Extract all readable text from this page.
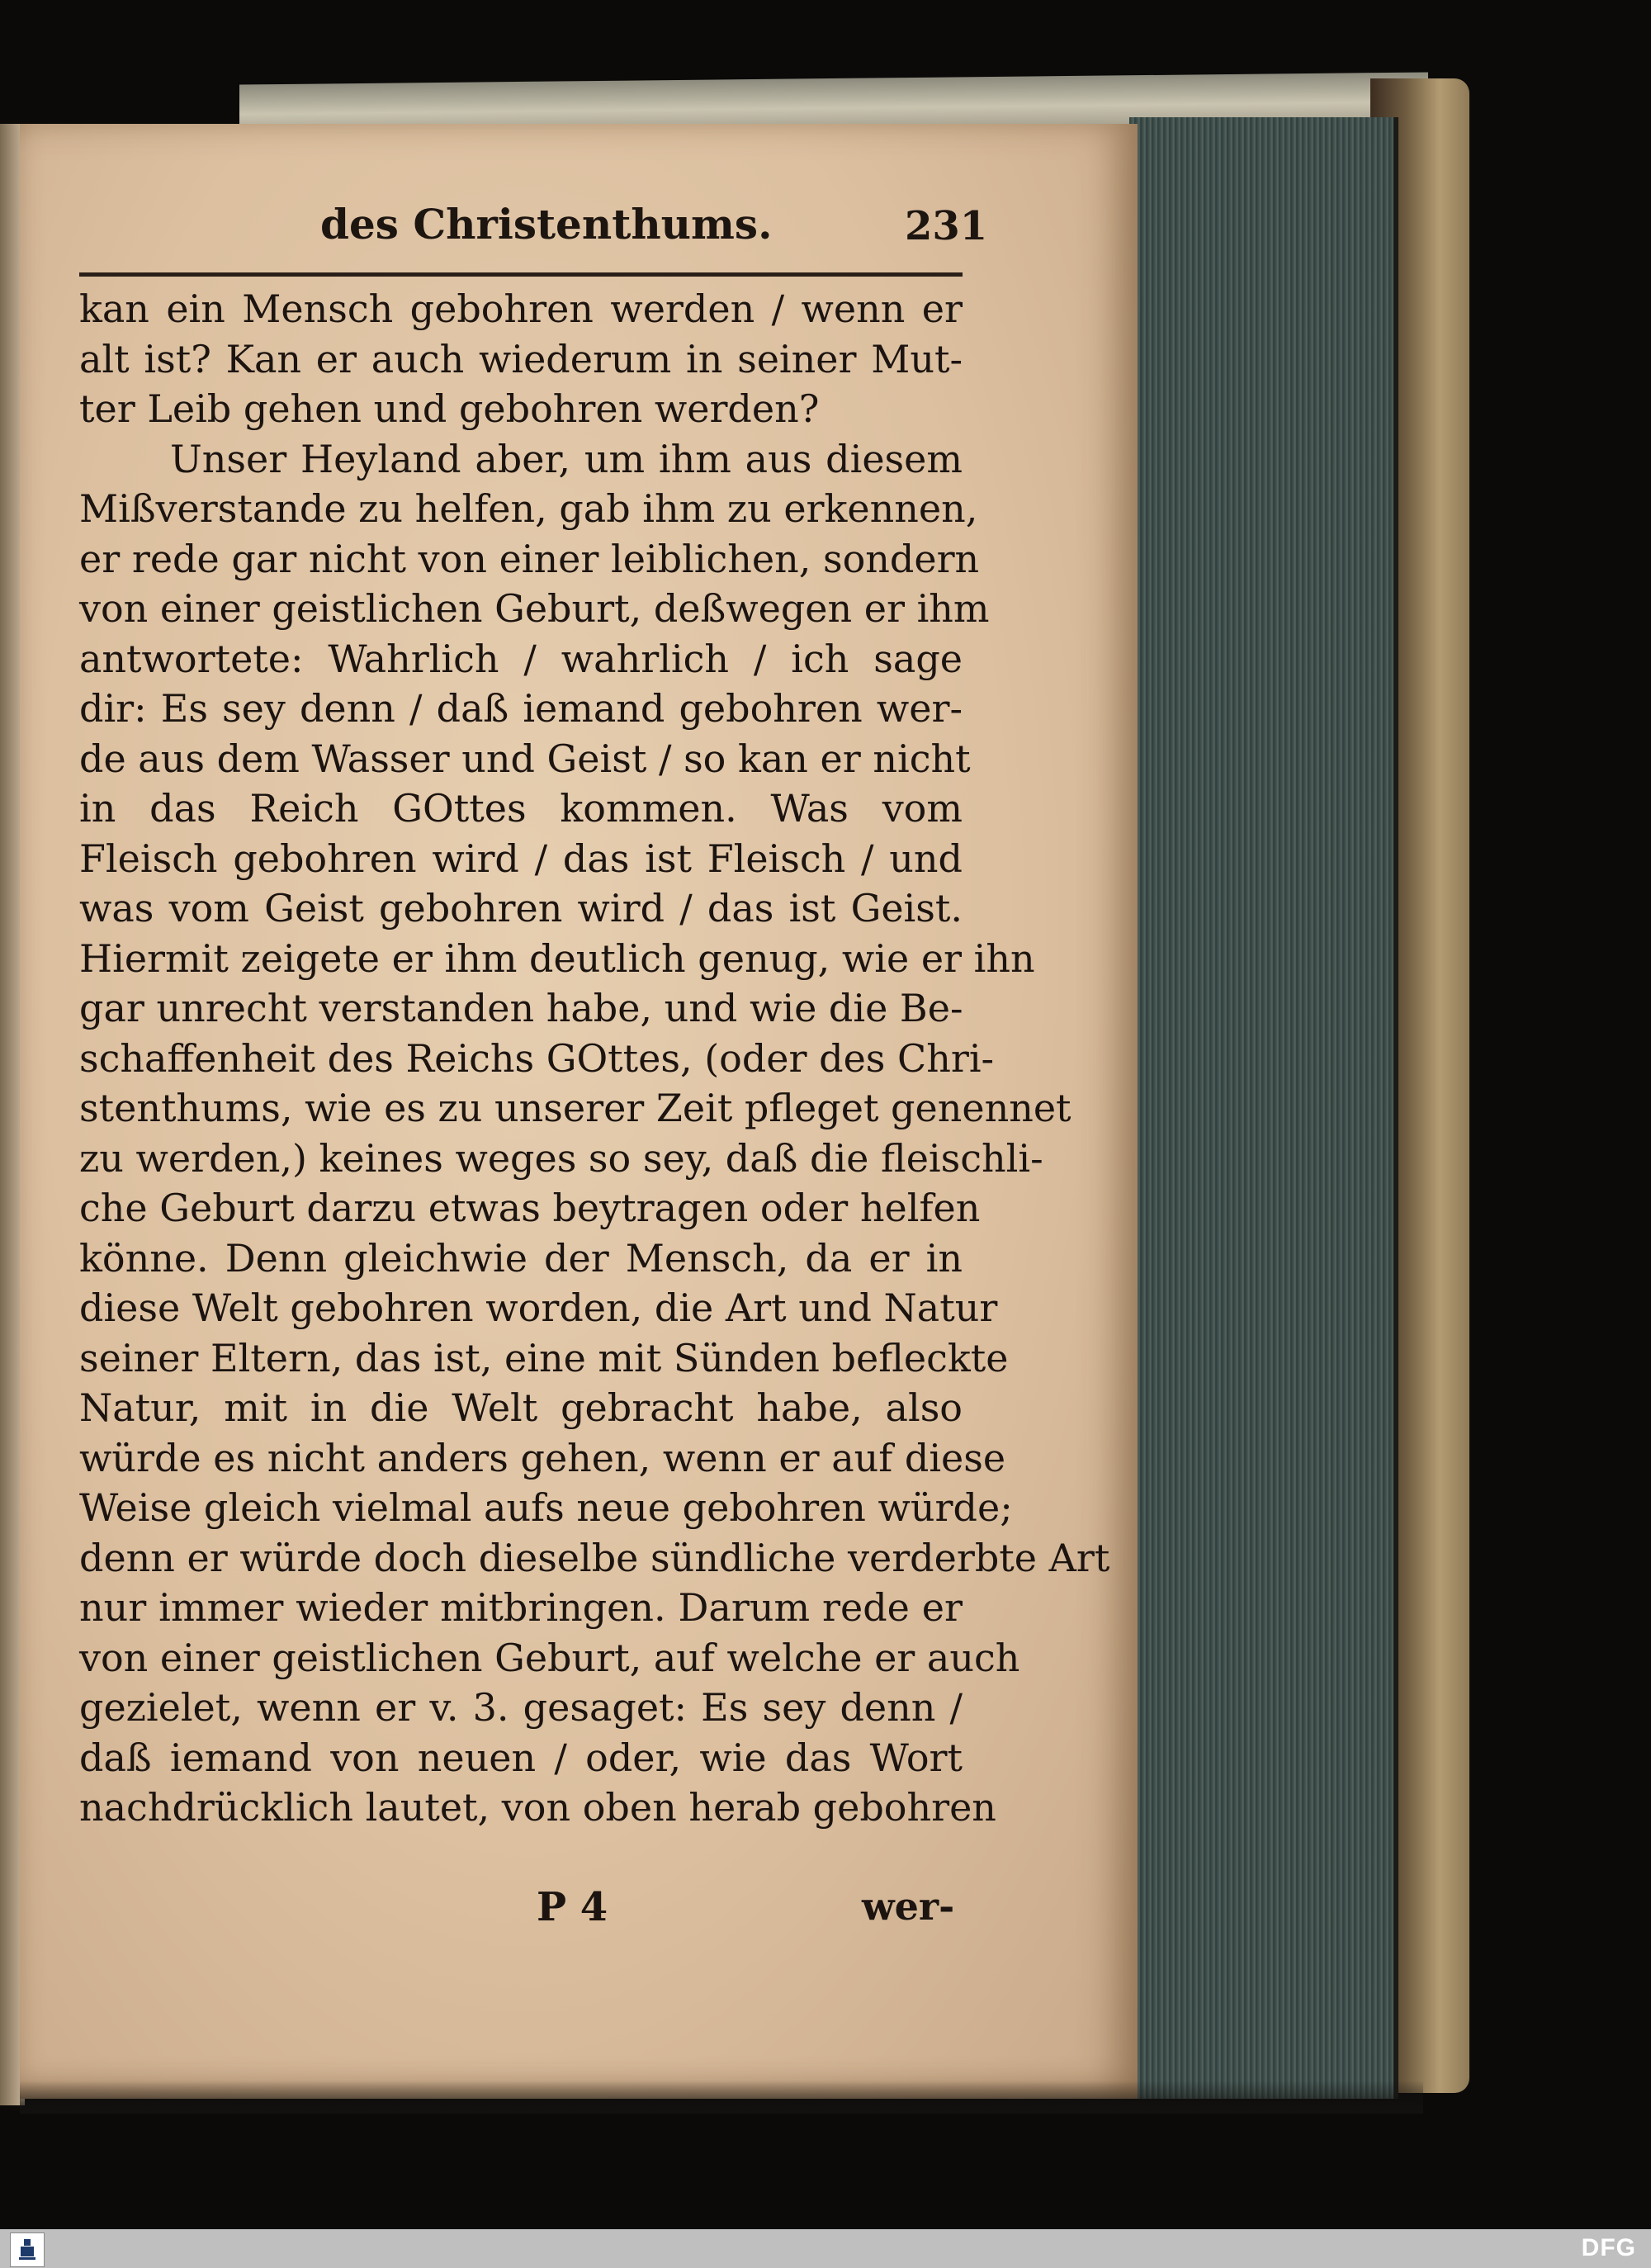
des Christenthums.	231
kan ein Mensch gebohren werden / wenn er
alt ist? Kan er auch wiederum in seiner Mut-
ter Leib gehen und gebohren werden?
Unser Heyland aber, um ihm aus diesem
Mißverstande zu helfen, gab ihm zu erkennen,
er rede gar nicht von einer leiblichen, sondern
von einer geistlichen Geburt, deßwegen er ihm
antwortete: Wahrlich / wahrlich / ich sage
dir: Es sey denn / daß iemand gebohren wer-
de aus dem Wasser und Geist / so kan er nicht
in das Reich GOttes kommen. Was vom
Fleisch gebohren wird / das ist Fleisch / und
was vom Geist gebohren wird / das ist Geist.
Hiermit zeigete er ihm deutlich genug, wie er ihn
gar unrecht verstanden habe, und wie die Be-
schaffenheit des Reichs GOttes, (oder des Chri-
stenthums, wie es zu unserer Zeit pfleget genennet
zu werden,) keines weges so sey, daß die fleischli-
che Geburt darzu etwas beytragen oder helfen
könne. Denn gleichwie der Mensch, da er in
diese Welt gebohren worden, die Art und Natur
seiner Eltern, das ist, eine mit Sünden befleckte
Natur, mit in die Welt gebracht habe, also
würde es nicht anders gehen, wenn er auf diese
Weise gleich vielmal aufs neue gebohren würde;
denn er würde doch dieselbe sündliche verderbte Art
nur immer wieder mitbringen. Darum rede er
von einer geistlichen Geburt, auf welche er auch
gezielet, wenn er v. 3. gesaget: Es sey denn /
daß iemand von neuen / oder, wie das Wort
nachdrücklich lautet, von oben herab gebohren
P 4	wer-
DFG
